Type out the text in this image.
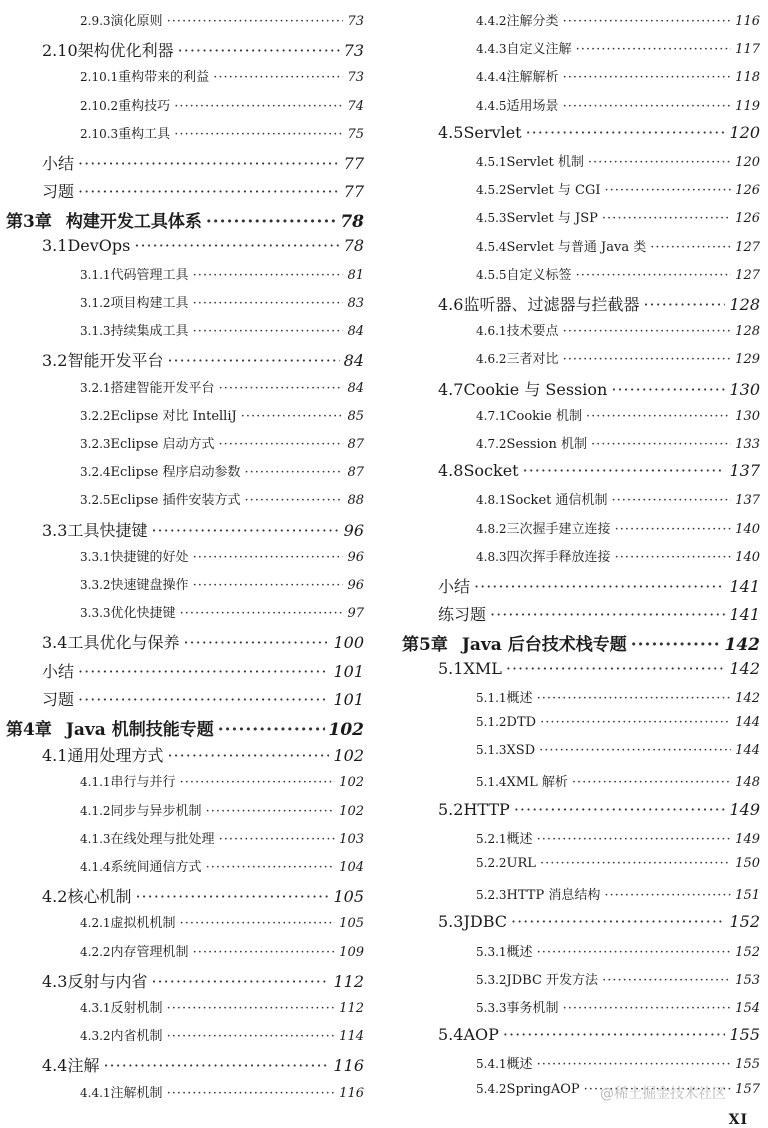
2.9.3 演化原则 ·····	73
2.10 架构优化利器 ·····	73
2.10.1 重构带来的利益 ·····	73
2.10.2 重构技巧 ·····	74
2.10.3 重构工具 ·····	75
小结 ·····	77
习题 ·····	77
第3章 构建开发工具体系 ·····	78
3.1 DevOps ·····	78
3.1.1 代码管理工具 ·····	81
3.1.2 项目构建工具 ·····	83
3.1.3 持续集成工具 ·····	84
3.2 智能开发平台 ·····	84
3.2.1 搭建智能开发平台 ·····	84
3.2.2 Eclipse 对比 IntelliJ ·····	85
3.2.3 Eclipse 启动方式 ·····	87
3.2.4 Eclipse 程序启动参数 ·····	87
3.2.5 Eclipse 插件安装方式 ·····	88
3.3 工具快捷键 ·····	96
3.3.1 快捷键的好处 ·····	96
3.3.2 快速键盘操作 ·····	96
3.3.3 优化快捷键 ·····	97
3.4 工具优化与保养 ·····	100
小结 ·····	101
习题 ·····	101
第4章 Java 机制技能专题 ·····	102
4.1 通用处理方式 ·····	102
4.1.1 串行与并行 ·····	102
4.1.2 同步与异步机制 ·····	102
4.1.3 在线处理与批处理 ·····	103
4.1.4 系统间通信方式 ·····	104
4.2 核心机制 ·····	105
4.2.1 虚拟机机制 ·····	105
4.2.2 内存管理机制 ·····	109
4.3 反射与内省 ·····	112
4.3.1 反射机制 ·····	112
4.3.2 内省机制 ·····	114
4.4 注解 ·····	116
4.4.1 注解机制 ·····	116
4.4.2 注解分类 ·····	116
4.4.3 自定义注解 ·····	117
4.4.4 注解解析 ·····	118
4.4.5 适用场景 ·····	119
4.5 Servlet ·····	120
4.5.1 Servlet 机制 ·····	120
4.5.2 Servlet 与 CGI ·····	126
4.5.3 Servlet 与 JSP ·····	126
4.5.4 Servlet 与普通 Java 类 ·····	127
4.5.5 自定义标签 ·····	127
4.6 监听器、过滤器与拦截器 ·····	128
4.6.1 技术要点 ·····	128
4.6.2 三者对比 ·····	129
4.7 Cookie 与 Session ·····	130
4.7.1 Cookie 机制 ·····	130
4.7.2 Session 机制 ·····	133
4.8 Socket ·····	137
4.8.1 Socket 通信机制 ·····	137
4.8.2 三次握手建立连接 ·····	140
4.8.3 四次挥手释放连接 ·····	140
小结 ·····	141
练习题 ·····	141
第5章 Java 后台技术栈专题 ·····	142
5.1 XML ·····	142
5.1.1 概述 ·····	142
5.1.2 DTD ·····	144
5.1.3 XSD ·····	144
5.1.4 XML 解析 ·····	148
5.2 HTTP ·····	149
5.2.1 概述 ·····	149
5.2.2 URL ·····	150
5.2.3 HTTP 消息结构 ·····	151
5.3 JDBC ·····	152
5.3.1 概述 ·····	152
5.3.2 JDBC 开发方法 ·····	153
5.3.3 事务机制 ·····	154
5.4 AOP ·····	155
5.4.1 概述 ·····	155
5.4.2 SpringAOP ·····	157
@稀土掘金技术社区
XI
